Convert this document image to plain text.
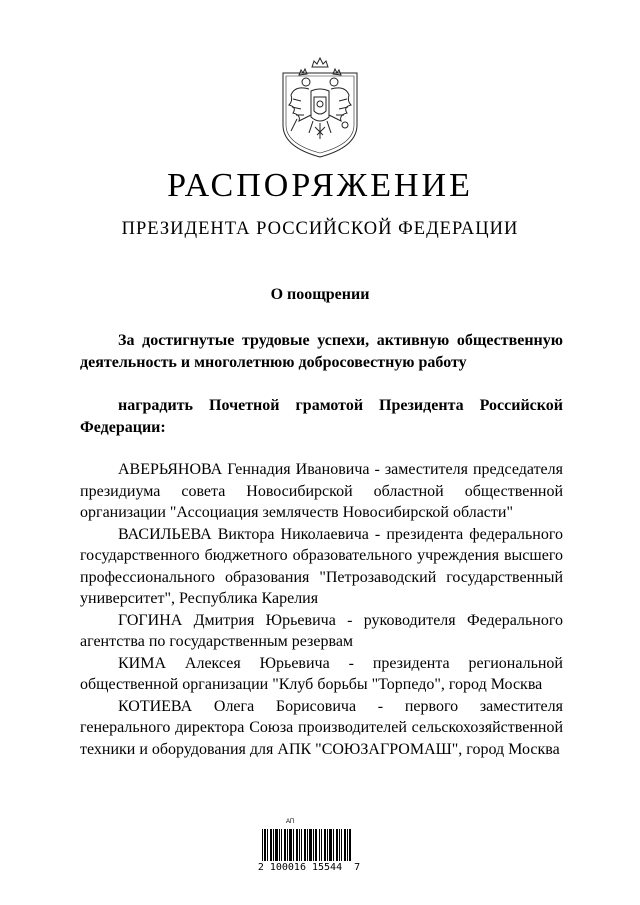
РАСПОРЯЖЕНИЕ
ПРЕЗИДЕНТА РОССИЙСКОЙ ФЕДЕРАЦИИ

О поощрении

За достигнутые трудовые успехи, активную общественную деятельность и многолетнюю добросовестную работу

наградить Почетной грамотой Президента Российской Федерации:

АВЕРЬЯНОВА Геннадия Ивановича - заместителя председателя президиума совета Новосибирской областной общественной организации "Ассоциация землячеств Новосибирской области"

ВАСИЛЬЕВА Виктора Николаевича - президента федерального государственного бюджетного образовательного учреждения высшего профессионального образования "Петрозаводский государственный университет", Республика Карелия

ГОГИНА Дмитрия Юрьевича - руководителя Федерального агентства по государственным резервам

КИМА Алексея Юрьевича - президента региональной общественной организации "Клуб борьбы "Торпедо", город Москва

КОТИЕВА Олега Борисовича - первого заместителя генерального директора Союза производителей сельскохозяйственной техники и оборудования для АПК "СОЮЗАГРОМАШ", город Москва

АП
2 100016 15544  7
